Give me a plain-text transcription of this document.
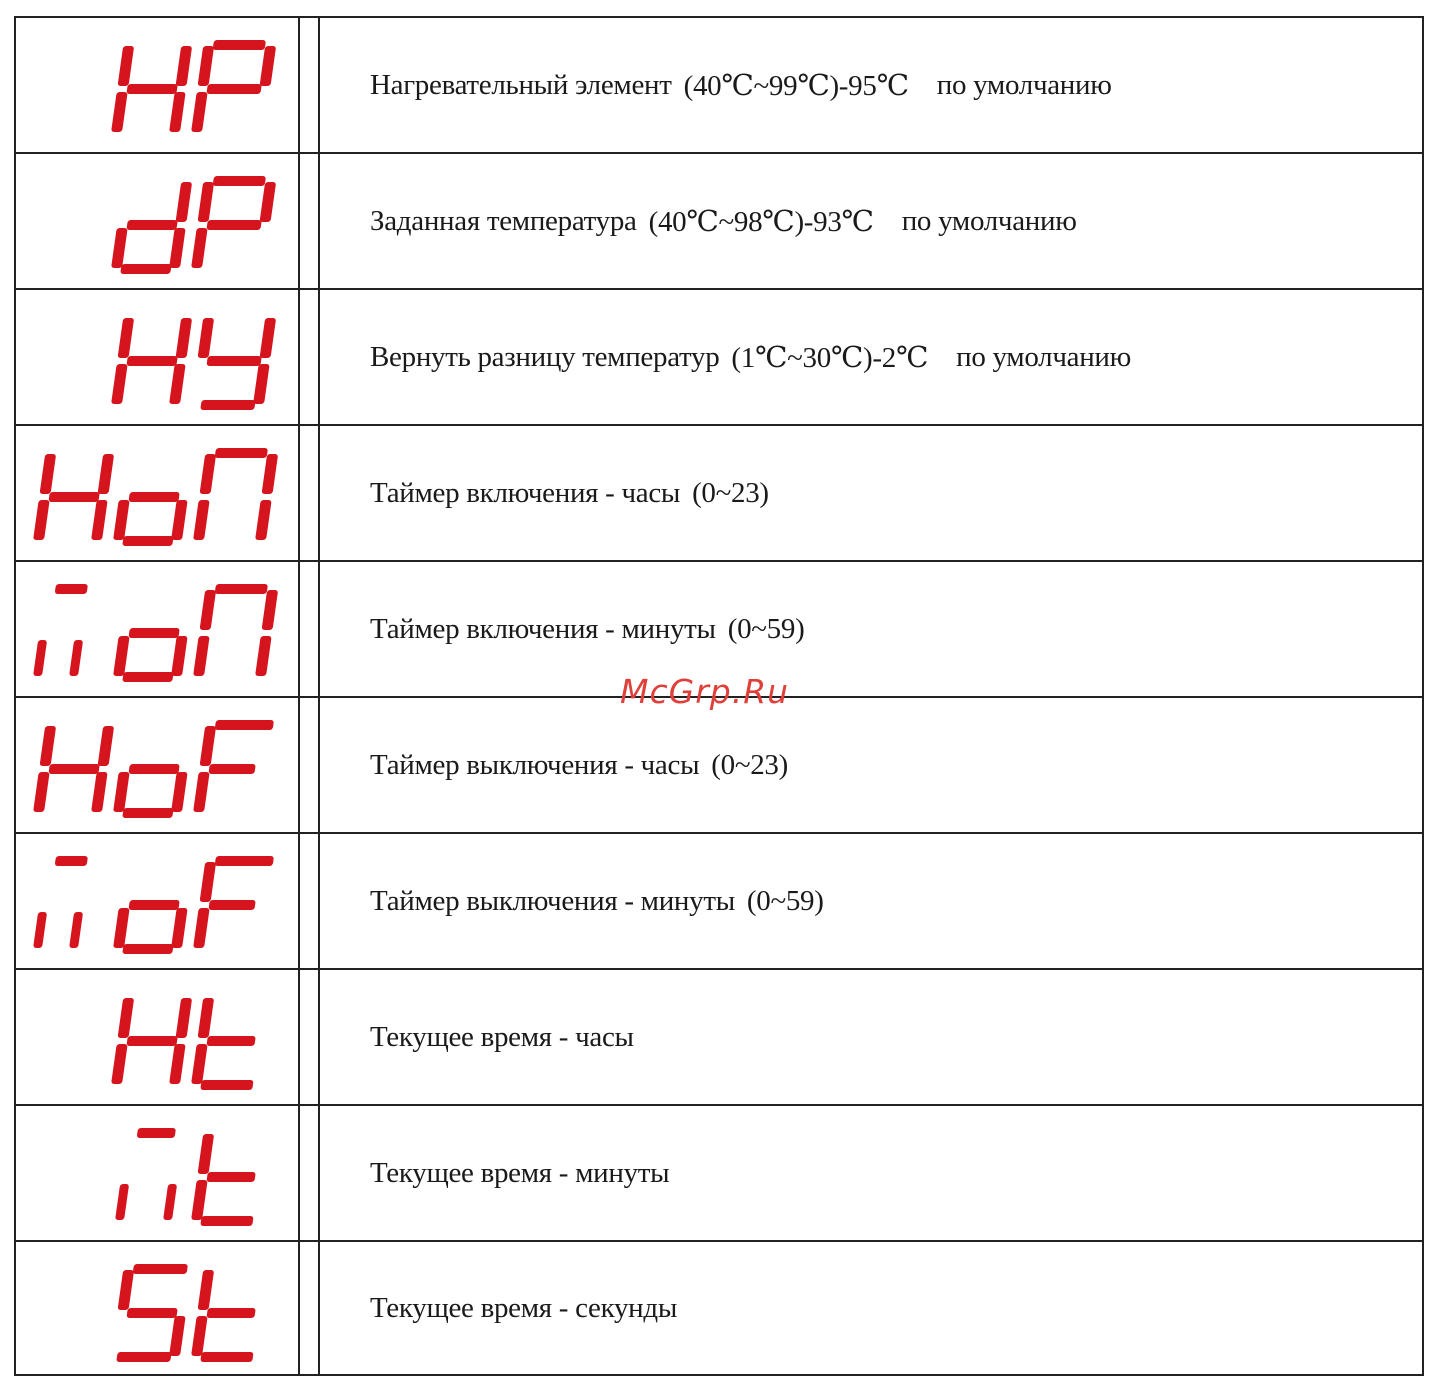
Нагревательный элемент (40℃~99℃)-95℃ по умолчанию
Заданная температура (40℃~98℃)-93℃ по умолчанию
Вернуть разницу температур (1℃~30℃)-2℃ по умолчанию
Таймер включения - часы (0~23)
Таймер включения - минуты (0~59)
Таймер выключения - часы (0~23)
Таймер выключения - минуты (0~59)
Текущее время - часы
Текущее время - минуты
Текущее время - секунды
McGrp.Ru
